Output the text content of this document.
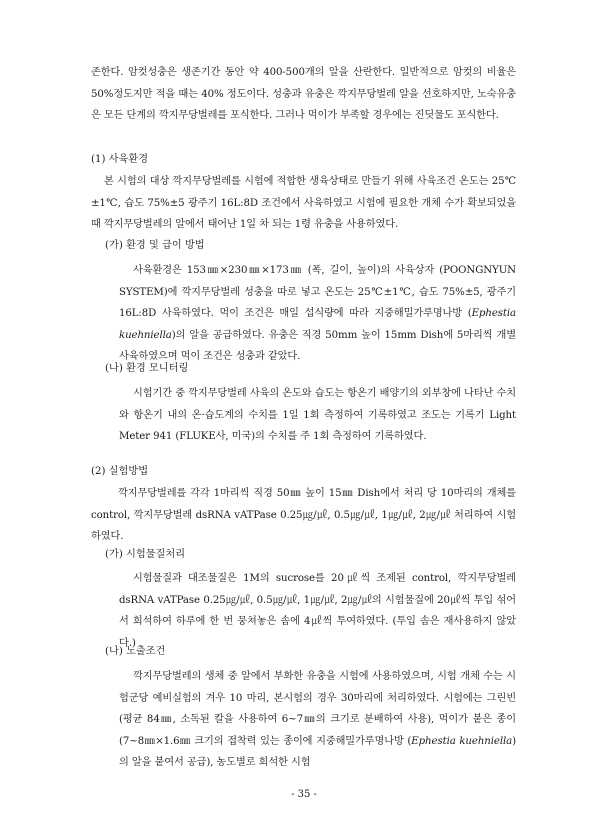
존한다. 암컷성충은 생존기간 동안 약 400-500개의 알을 산란한다. 일반적으로 암컷의 비율은 50%정도지만 적을 때는 40% 정도이다. 성충과 유충은 깍지무당벌레 알을 선호하지만, 노숙유충은 모든 단계의 깍지무당벌레를 포식한다. 그러나 먹이가 부족할 경우에는 진딧물도 포식한다.

(1) 사육환경

본 시험의 대상 깍지무당벌레를 시험에 적합한 생육상태로 만들기 위해 사육조건 온도는 25℃±1℃, 습도 75%±5 광주기 16L:8D 조건에서 사육하였고 시험에 필요한 개체 수가 확보되었을 때 깍지무당벌레의 알에서 태어난 1일 차 되는 1령 유충을 사용하였다.

(가) 환경 및 급이 방법

사육환경은 153㎜×230㎜×173㎜ (폭, 길이, 높이)의 사육상자 (POONGNYUN SYSTEM)에 깍지무당벌레 성충을 따로 넣고 온도는 25℃±1℃, 습도 75%±5, 광주기 16L:8D 사육하였다. 먹이 조건은 매일 섭식량에 따라 지중해밀가루명나방 (Ephestia kuehniella)의 알을 공급하였다. 유충은 직경 50mm 높이 15mm Dish에 5마리씩 개별 사육하였으며 먹이 조건은 성충과 같았다.

(나) 환경 모니터링

시험기간 중 깍지무당벌레 사육의 온도와 습도는 항온기 배양기의 외부창에 나타난 수치와 항온기 내의 온·습도계의 수치를 1일 1회 측정하여 기록하였고 조도는 기록기 Light Meter 941 (FLUKE사, 미국)의 수치를 주 1회 측정하여 기록하였다.

(2) 실험방법

깍지무당벌레를 각각 1마리씩 직경 50㎜ 높이 15㎜ Dish에서 처리 당 10마리의 개체를 control, 깍지무당벌레 dsRNA vATPase 0.25㎍/㎕, 0.5㎍/㎕, 1㎍/㎕, 2㎍/㎕ 처리하여 시험하였다.

(가) 시험물질처리

시험물질과 대조물질은 1M의 sucrose를 20㎕씩 조제된 control, 깍지무당벌레 dsRNA vATPase 0.25㎍/㎕, 0.5㎍/㎕, 1㎍/㎕, 2㎍/㎕의 시험물질에 20㎕씩 투입 섞어서 희석하여 하루에 한 번 뭉쳐놓은 솜에 4㎕씩 투여하였다. (투입 솜은 재사용하지 않았다.)

(나) 노출조건

깍지무당벌레의 생체 중 알에서 부화한 유충을 시험에 사용하였으며, 시험 개체 수는 시험군당 예비실험의 겨우 10 마리, 본시험의 경우 30마리에 처리하였다. 시험에는 그린빈 (평균 84㎜, 소독된 칼을 사용하여 6~7㎜의 크기로 분배하여 사용), 먹이가 붙은 종이 (7~8㎜×1.6㎜ 크기의 접착력 있는 종이에 지중해밀가루명나방 (Ephestia kuehniella)의 알을 붙여서 공급), 농도별로 희석한 시험

- 35 -
